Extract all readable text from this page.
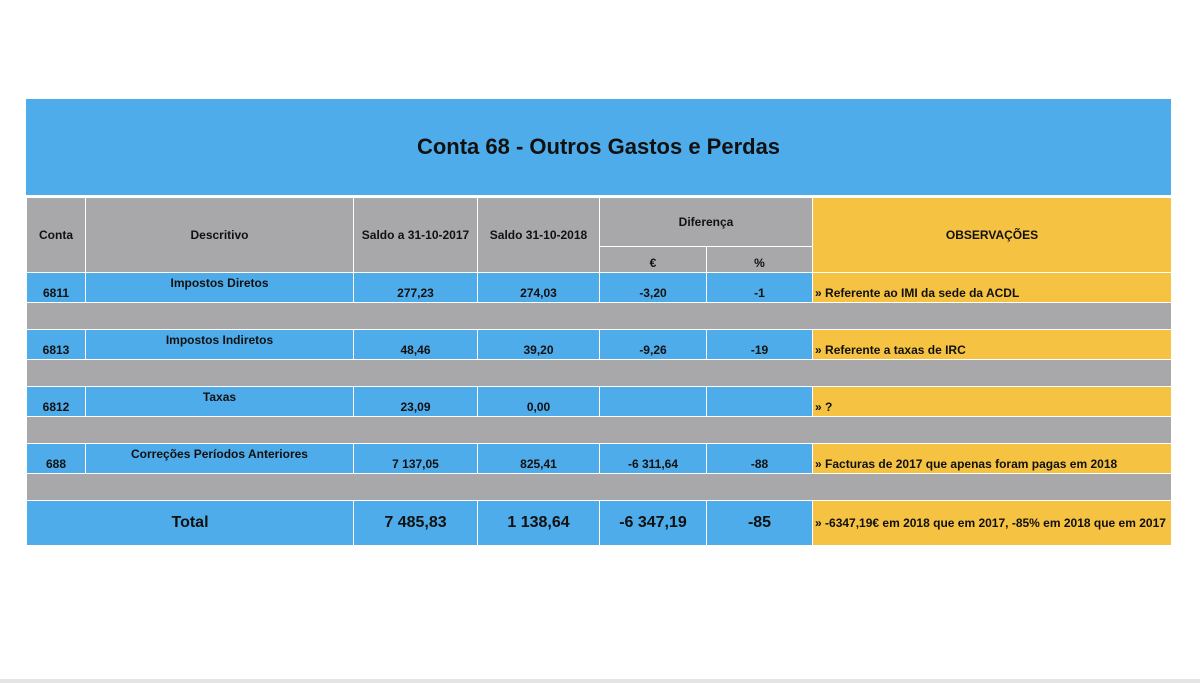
Conta 68 - Outros Gastos e Perdas
Conta	Descritivo	Saldo a 31-10-2017	Saldo 31-10-2018	Diferença		OBSERVAÇÕES
				€	%	
6811	Impostos Diretos	277,23	274,03	-3,20	-1	» Referente ao IMI da sede da ACDL

6813	Impostos Indiretos	48,46	39,20	-9,26	-19	» Referente a taxas de IRC

6812	Taxas	23,09	0,00			» ?

688	Correções Períodos Anteriores	7 137,05	825,41	-6 311,64	-88	» Facturas de 2017 que apenas foram pagas em 2018

Total		7 485,83	1 138,64	-6 347,19	-85	» -6347,19€ em 2018 que em 2017, -85% em 2018 que em 2017
